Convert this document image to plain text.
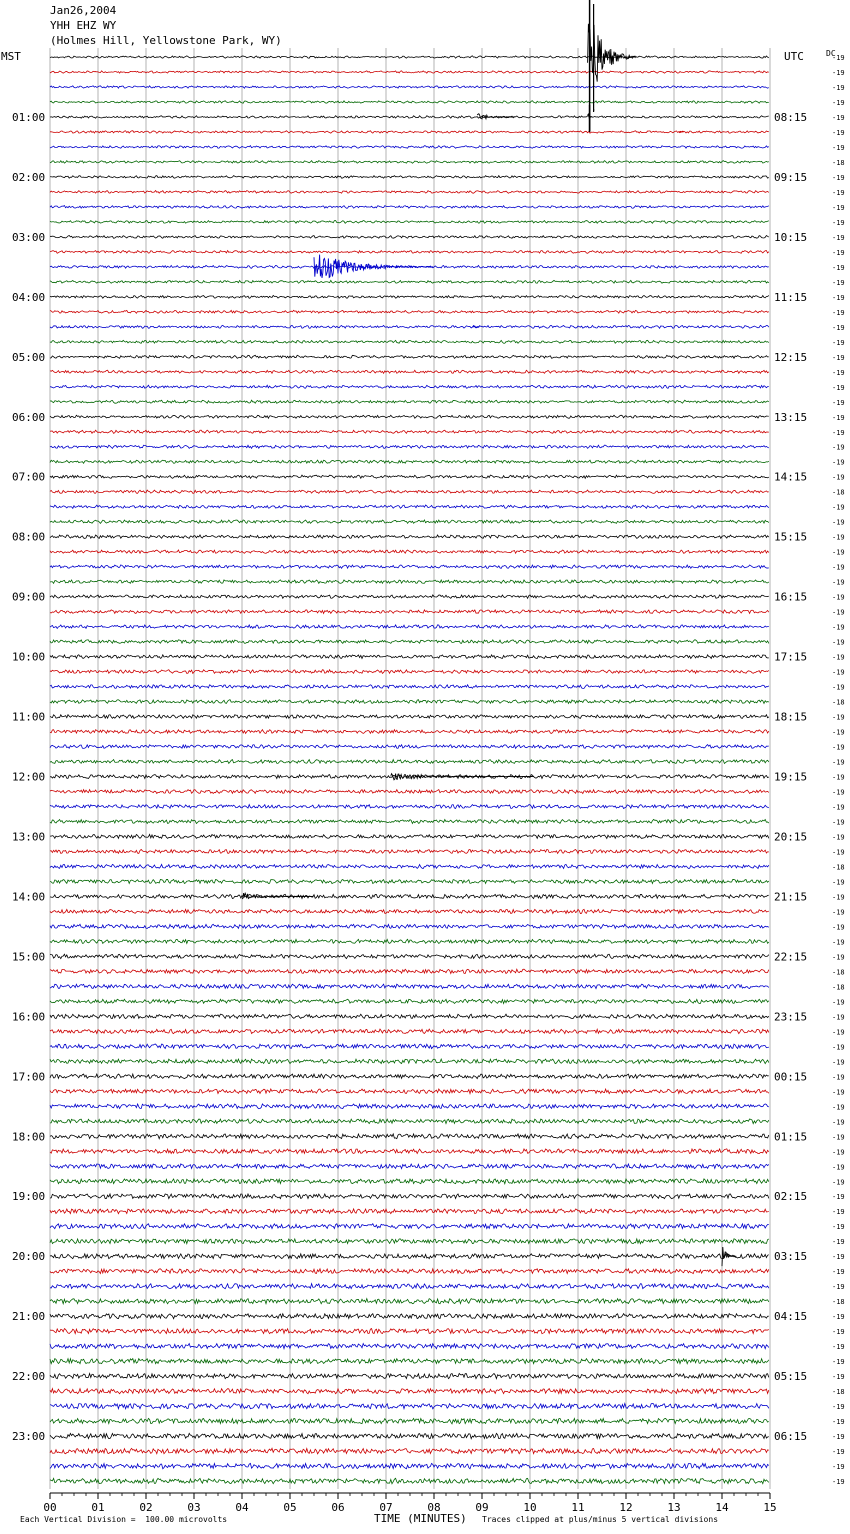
00	01	02	03	04	05	06	07	08	09	10	11	12	13	14	15
01:00
02:00
03:00
04:00
05:00
06:00
07:00
08:00
09:00
10:00
11:00
12:00
13:00
14:00
15:00
16:00
17:00
18:00
19:00
20:00
21:00
22:00
23:00
08:15
09:15
10:15
11:15
12:15
13:15
14:15
15:15
16:15
17:15
18:15
19:15
20:15
21:15
22:15
23:15
00:15
01:15
02:15
03:15
04:15
05:15
06:15
-19
-19
-19
-19
-19
-19
-19
-18
-19
-19
-19
-19
-19
-19
-19
-19
-19
-19
-19
-19
-19
-19
-19
-19
-19
-19
-19
-19
-19
-18
-19
-19
-19
-19
-19
-19
-19
-19
-19
-19
-19
-19
-19
-18
-19
-19
-19
-19
-19
-19
-19
-19
-19
-19
-18
-19
-19
-19
-19
-19
-19
-18
-18
-19
-19
-19
-19
-19
-19
-19
-19
-19
-19
-19
-19
-19
-19
-19
-19
-19
-19
-19
-19
-18
-19
-19
-19
-19
-19
-18
-19
-19
-19
-19
-19
-19
Jan26,2004
YHH EHZ WY
(Holmes Hill, Yellowstone Park, WY)
MST	UTC	DC
Each Vertical Division =  100.00 microvolts	TIME (MINUTES) Traces clipped at plus/minus 5 vertical divisions
